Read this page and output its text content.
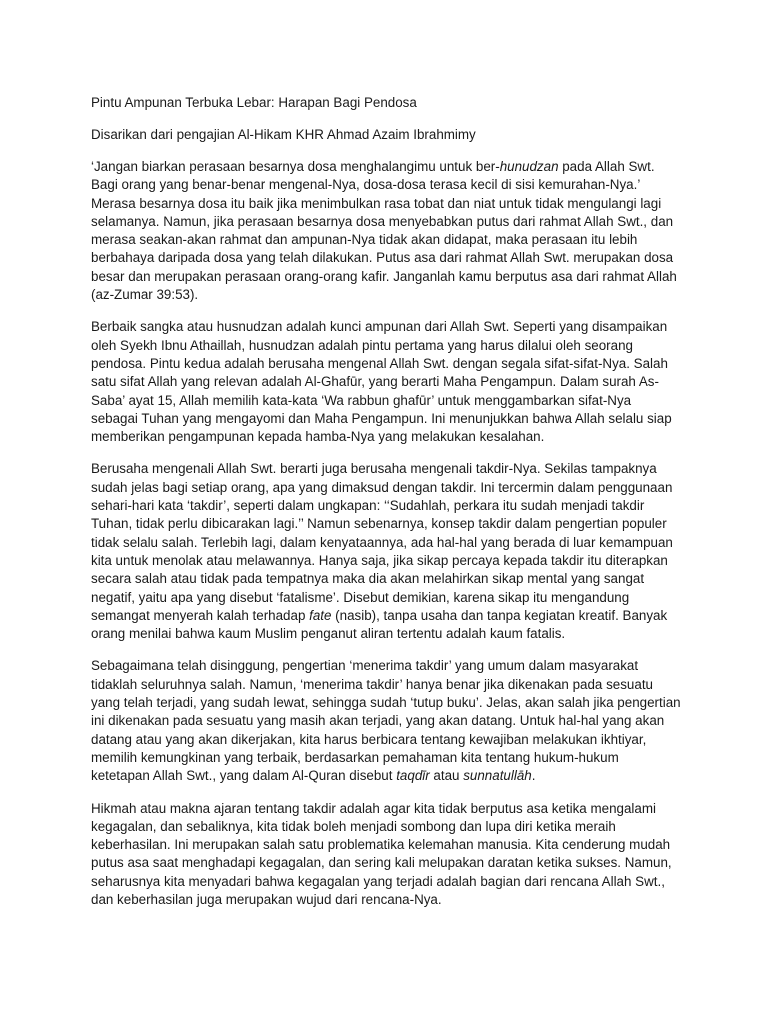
Pintu Ampunan Terbuka Lebar: Harapan Bagi Pendosa
Disarikan dari pengajian Al-Hikam KHR Ahmad Azaim Ibrahmimy

‘Jangan biarkan perasaan besarnya dosa menghalangimu untuk ber-hunudzan pada Allah Swt. Bagi orang yang benar-benar mengenal-Nya, dosa-dosa terasa kecil di sisi kemurahan-Nya.’ Merasa besarnya dosa itu baik jika menimbulkan rasa tobat dan niat untuk tidak mengulangi lagi selamanya. Namun, jika perasaan besarnya dosa menyebabkan putus dari rahmat Allah Swt., dan merasa seakan-akan rahmat dan ampunan-Nya tidak akan didapat, maka perasaan itu lebih berbahaya daripada dosa yang telah dilakukan. Putus asa dari rahmat Allah Swt. merupakan dosa besar dan merupakan perasaan orang-orang kafir. Janganlah kamu berputus asa dari rahmat Allah (az-Zumar 39:53).

Berbaik sangka atau husnudzan adalah kunci ampunan dari Allah Swt. Seperti yang disampaikan oleh Syekh Ibnu Athaillah, husnudzan adalah pintu pertama yang harus dilalui oleh seorang pendosa. Pintu kedua adalah berusaha mengenal Allah Swt. dengan segala sifat-sifat-Nya. Salah satu sifat Allah yang relevan adalah Al-Ghafūr, yang berarti Maha Pengampun. Dalam surah As-Saba’ ayat 15, Allah memilih kata-kata ‘Wa rabbun ghafūr’ untuk menggambarkan sifat-Nya sebagai Tuhan yang mengayomi dan Maha Pengampun. Ini menunjukkan bahwa Allah selalu siap memberikan pengampunan kepada hamba-Nya yang melakukan kesalahan.

Berusaha mengenali Allah Swt. berarti juga berusaha mengenali takdir-Nya. Sekilas tampaknya sudah jelas bagi setiap orang, apa yang dimaksud dengan takdir. Ini tercermin dalam penggunaan sehari-hari kata ‘takdir’, seperti dalam ungkapan: ‘‘Sudahlah, perkara itu sudah menjadi takdir Tuhan, tidak perlu dibicarakan lagi.’’ Namun sebenarnya, konsep takdir dalam pengertian populer tidak selalu salah. Terlebih lagi, dalam kenyataannya, ada hal-hal yang berada di luar kemampuan kita untuk menolak atau melawannya. Hanya saja, jika sikap percaya kepada takdir itu diterapkan secara salah atau tidak pada tempatnya maka dia akan melahirkan sikap mental yang sangat negatif, yaitu apa yang disebut ‘fatalisme’. Disebut demikian, karena sikap itu mengandung semangat menyerah kalah terhadap fate (nasib), tanpa usaha dan tanpa kegiatan kreatif. Banyak orang menilai bahwa kaum Muslim penganut aliran tertentu adalah kaum fatalis.

Sebagaimana telah disinggung, pengertian ‘menerima takdir’ yang umum dalam masyarakat tidaklah seluruhnya salah. Namun, ‘menerima takdir’ hanya benar jika dikenakan pada sesuatu yang telah terjadi, yang sudah lewat, sehingga sudah ‘tutup buku’. Jelas, akan salah jika pengertian ini dikenakan pada sesuatu yang masih akan terjadi, yang akan datang. Untuk hal-hal yang akan datang atau yang akan dikerjakan, kita harus berbicara tentang kewajiban melakukan ikhtiyar, memilih kemungkinan yang terbaik, berdasarkan pemahaman kita tentang hukum-hukum ketetapan Allah Swt., yang dalam Al-Quran disebut taqdīr atau sunnatullāh.

Hikmah atau makna ajaran tentang takdir adalah agar kita tidak berputus asa ketika mengalami kegagalan, dan sebaliknya, kita tidak boleh menjadi sombong dan lupa diri ketika meraih keberhasilan. Ini merupakan salah satu problematika kelemahan manusia. Kita cenderung mudah putus asa saat menghadapi kegagalan, dan sering kali melupakan daratan ketika sukses. Namun, seharusnya kita menyadari bahwa kegagalan yang terjadi adalah bagian dari rencana Allah Swt., dan keberhasilan juga merupakan wujud dari rencana-Nya.
